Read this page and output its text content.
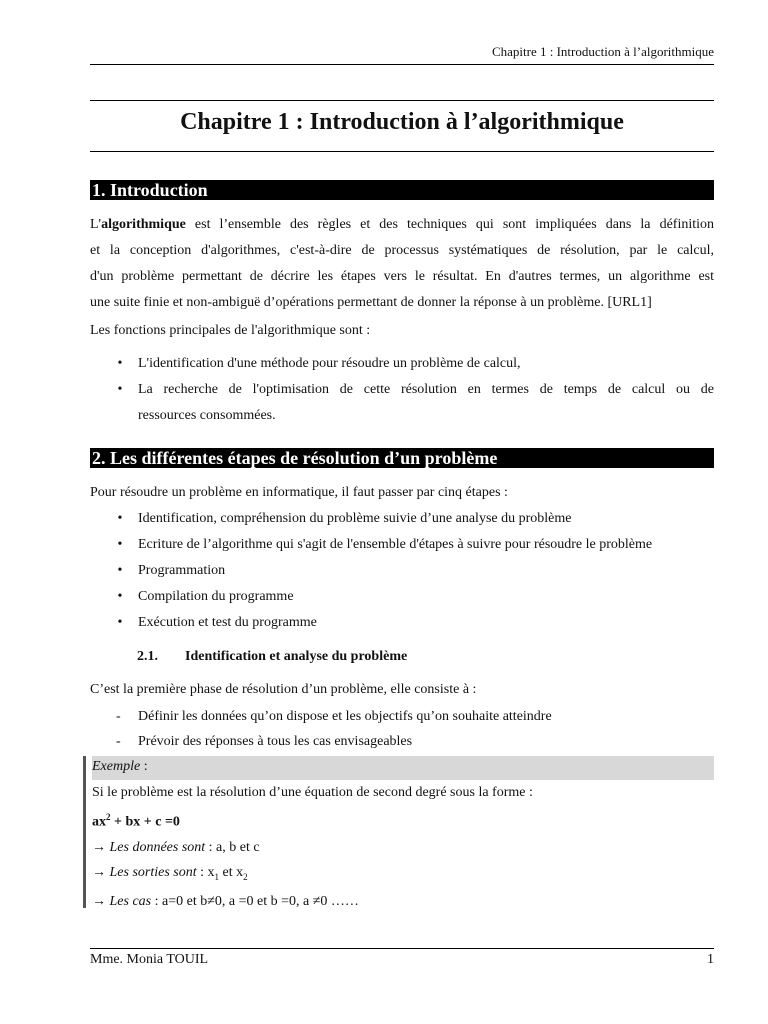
Chapitre 1 : Introduction à l’algorithmique
Chapitre 1 : Introduction à l’algorithmique
1. Introduction
L'algorithmique est l’ensemble des règles et des techniques qui sont impliquées dans la définition
et la conception d'algorithmes, c'est-à-dire de processus systématiques de résolution, par le calcul,
d'un problème permettant de décrire les étapes vers le résultat. En d'autres termes, un algorithme est
une suite finie et non-ambiguë d’opérations permettant de donner la réponse à un problème. [URL1]
Les fonctions principales de l'algorithmique sont :
• L'identification d'une méthode pour résoudre un problème de calcul,
• La recherche de l'optimisation de cette résolution en termes de temps de calcul ou de
ressources consommées.
2. Les différentes étapes de résolution d’un problème
Pour résoudre un problème en informatique, il faut passer par cinq étapes :
• Identification, compréhension du problème suivie d’une analyse du problème
• Ecriture de l’algorithme qui s'agit de l'ensemble d'étapes à suivre pour résoudre le problème
• Programmation
• Compilation du programme
• Exécution et test du programme
2.1. Identification et analyse du problème
C’est la première phase de résolution d’un problème, elle consiste à :
- Définir les données qu’on dispose et les objectifs qu’on souhaite atteindre
- Prévoir des réponses à tous les cas envisageables
Exemple :
Si le problème est la résolution d’une équation de second degré sous la forme :
$ax^2$ + bx + c =0
→ Les données sont : a, b et c
→ Les sorties sont : $x_1$ et $x_2$
→ Les cas : a=0 et b≠0, a =0 et b =0, a ≠0 ……
Mme. Monia TOUIL	1
